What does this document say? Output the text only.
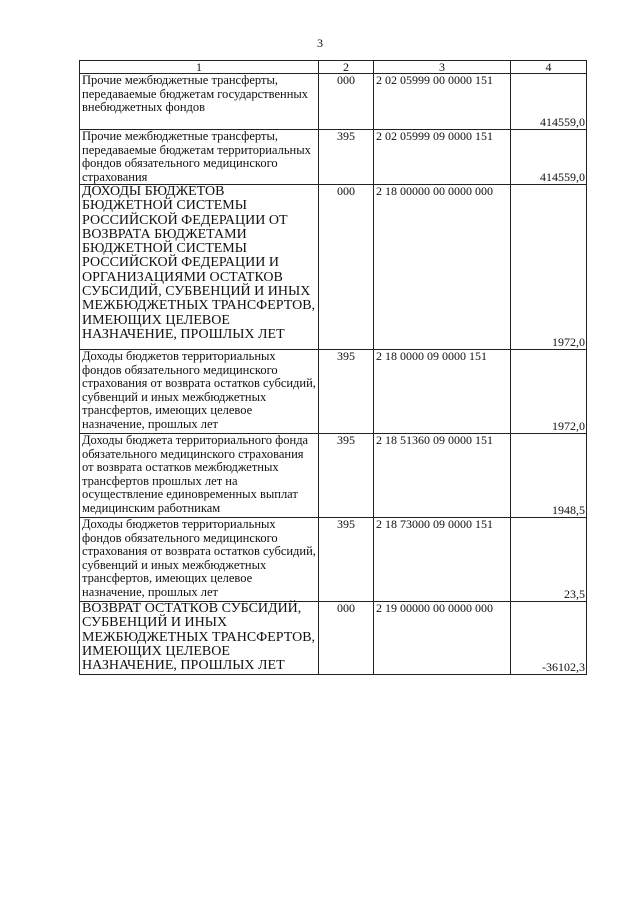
3
1	2	3	4
Прочие межбюджетные трансферты, передаваемые бюджетам государственных внебюджетных фондов	000	2 02 05999 00 0000 151	414559,0

Прочие межбюджетные трансферты, передаваемые бюджетам территориальных фондов обязательного медицинского страхования	395	2 02 05999 09 0000 151	414559,0

ДОХОДЫ БЮДЖЕТОВ БЮДЖЕТНОЙ СИСТЕМЫ РОССИЙСКОЙ ФЕДЕРАЦИИ ОТ ВОЗВРАТА БЮДЖЕТАМИ БЮДЖЕТНОЙ СИСТЕМЫ РОССИЙСКОЙ ФЕДЕРАЦИИ И ОРГАНИЗАЦИЯМИ ОСТАТКОВ СУБСИДИЙ, СУБВЕНЦИЙ И ИНЫХ МЕЖБЮДЖЕТНЫХ ТРАНСФЕРТОВ, ИМЕЮЩИХ ЦЕЛЕВОЕ НАЗНАЧЕНИЕ, ПРОШЛЫХ ЛЕТ	000	2 18 00000 00 0000 000	1972,0

Доходы бюджетов территориальных фондов обязательного медицинского страхования от возврата остатков субсидий, субвенций и иных межбюджетных трансфертов, имеющих целевое назначение, прошлых лет	395	2 18 0000 09 0000 151	1972,0

Доходы бюджета территориального фонда обязательного медицинского страхования от возврата остатков межбюджетных трансфертов прошлых лет на осуществление единовременных выплат медицинским работникам	395	2 18 51360 09 0000 151	1948,5

Доходы бюджетов территориальных фондов обязательного медицинского страхования от возврата остатков субсидий, субвенций и иных межбюджетных трансфертов, имеющих целевое назначение, прошлых лет	395	2 18 73000 09 0000 151	23,5

ВОЗВРАТ ОСТАТКОВ СУБСИДИЙ, СУБВЕНЦИЙ И ИНЫХ МЕЖБЮДЖЕТНЫХ ТРАНСФЕРТОВ, ИМЕЮЩИХ ЦЕЛЕВОЕ НАЗНАЧЕНИЕ, ПРОШЛЫХ ЛЕТ	000	2 19 00000 00 0000 000	-36102,3
